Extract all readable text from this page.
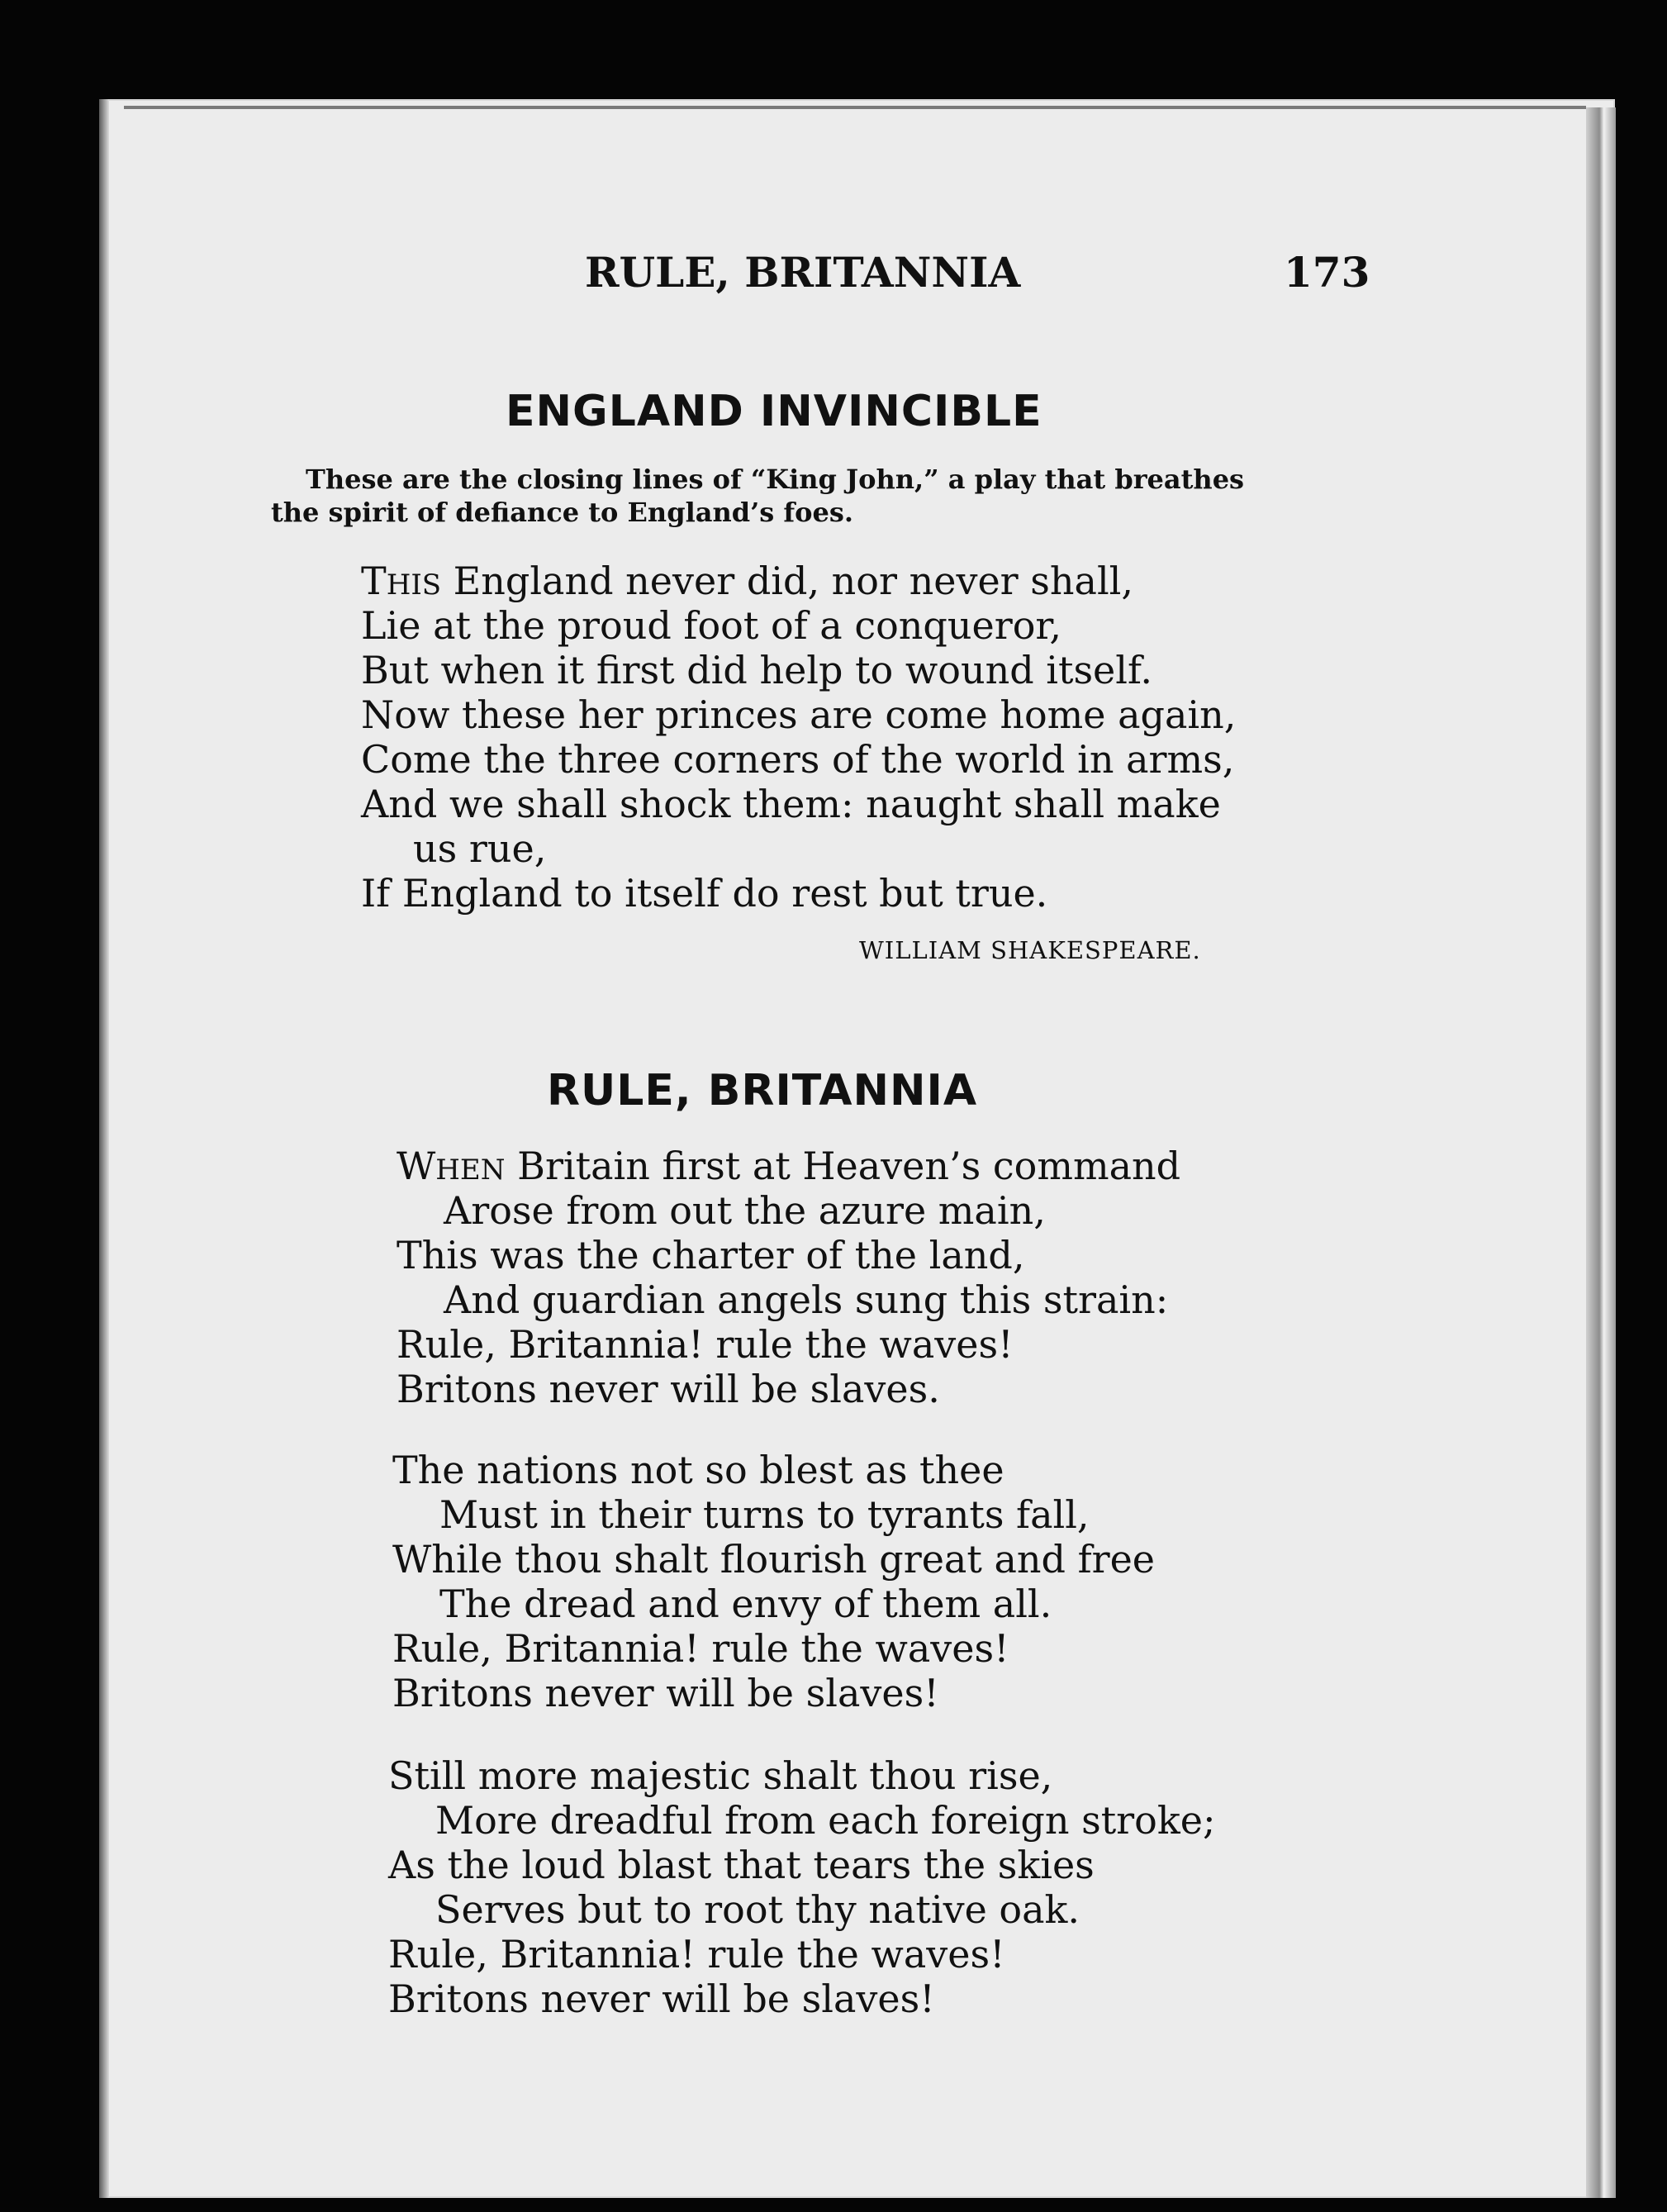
RULE, BRITANNIA	173
ENGLAND INVINCIBLE
These are the closing lines of “King John,” a play that breathes
the spirit of defiance to England’s foes.
THIS England never did, nor never shall,
Lie at the proud foot of a conqueror,
But when it first did help to wound itself.
Now these her princes are come home again,
Come the three corners of the world in arms,
And we shall shock them: naught shall make
us rue,
If England to itself do rest but true.
WILLIAM SHAKESPEARE.
RULE, BRITANNIA
WHEN Britain first at Heaven’s command
Arose from out the azure main,
This was the charter of the land,
And guardian angels sung this strain:
Rule, Britannia! rule the waves!
Britons never will be slaves.
The nations not so blest as thee
Must in their turns to tyrants fall,
While thou shalt flourish great and free
The dread and envy of them all.
Rule, Britannia! rule the waves!
Britons never will be slaves!
Still more majestic shalt thou rise,
More dreadful from each foreign stroke;
As the loud blast that tears the skies
Serves but to root thy native oak.
Rule, Britannia! rule the waves!
Britons never will be slaves!
